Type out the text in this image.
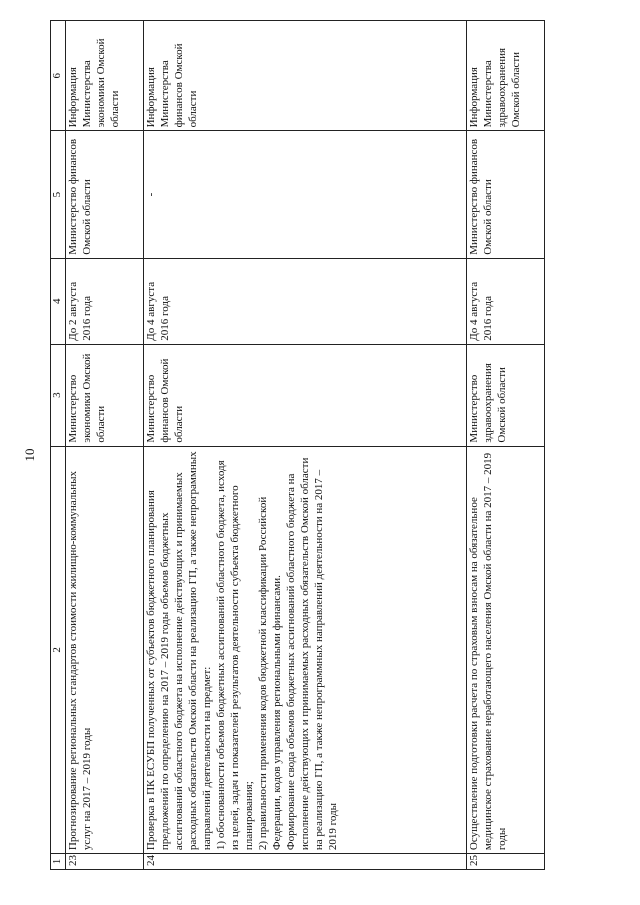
10
1	2	3	4	5	6
23	Прогнозирование региональных стандартов стоимости жилищно-коммунальных услуг на 2017 – 2019 годы	Министерство экономики Омской области	До 2 августа 2016 года	Министерство финансов Омской области	Информация Министерства экономики Омской области
24	Проверка в ПК ЕСУБП полученных от субъектов бюджетного планирования предложений по определению на 2017 – 2019 годы объемов бюджетных ассигнований областного бюджета на исполнение действующих и принимаемых расходных обязательств Омской области на реализацию ГП, а также непрограммных направлений деятельности на предмет: 1) обоснованности объемов бюджетных ассигнований областного бюджета, исходя из целей, задач и показателей результатов деятельности субъекта бюджетного планирования; 2) правильности применения кодов бюджетной классификации Российской Федерации, кодов управления региональными финансами. Формирование свода объемов бюджетных ассигнований областного бюджета на исполнение действующих и принимаемых расходных обязательств Омской области на реализацию ГП, а также непрограммных направлений деятельности на 2017 – 2019 годы	Министерство финансов Омской области	До 4 августа 2016 года	-	Информация Министерства финансов Омской области
25	Осуществление подготовки расчета по страховым взносам на обязательное медицинское страхование неработающего населения Омской области на 2017 – 2019 годы	Министерство здравоохранения Омской области	До 4 августа 2016 года	Министерство финансов Омской области	Информация Министерства здравоохранения Омской области
